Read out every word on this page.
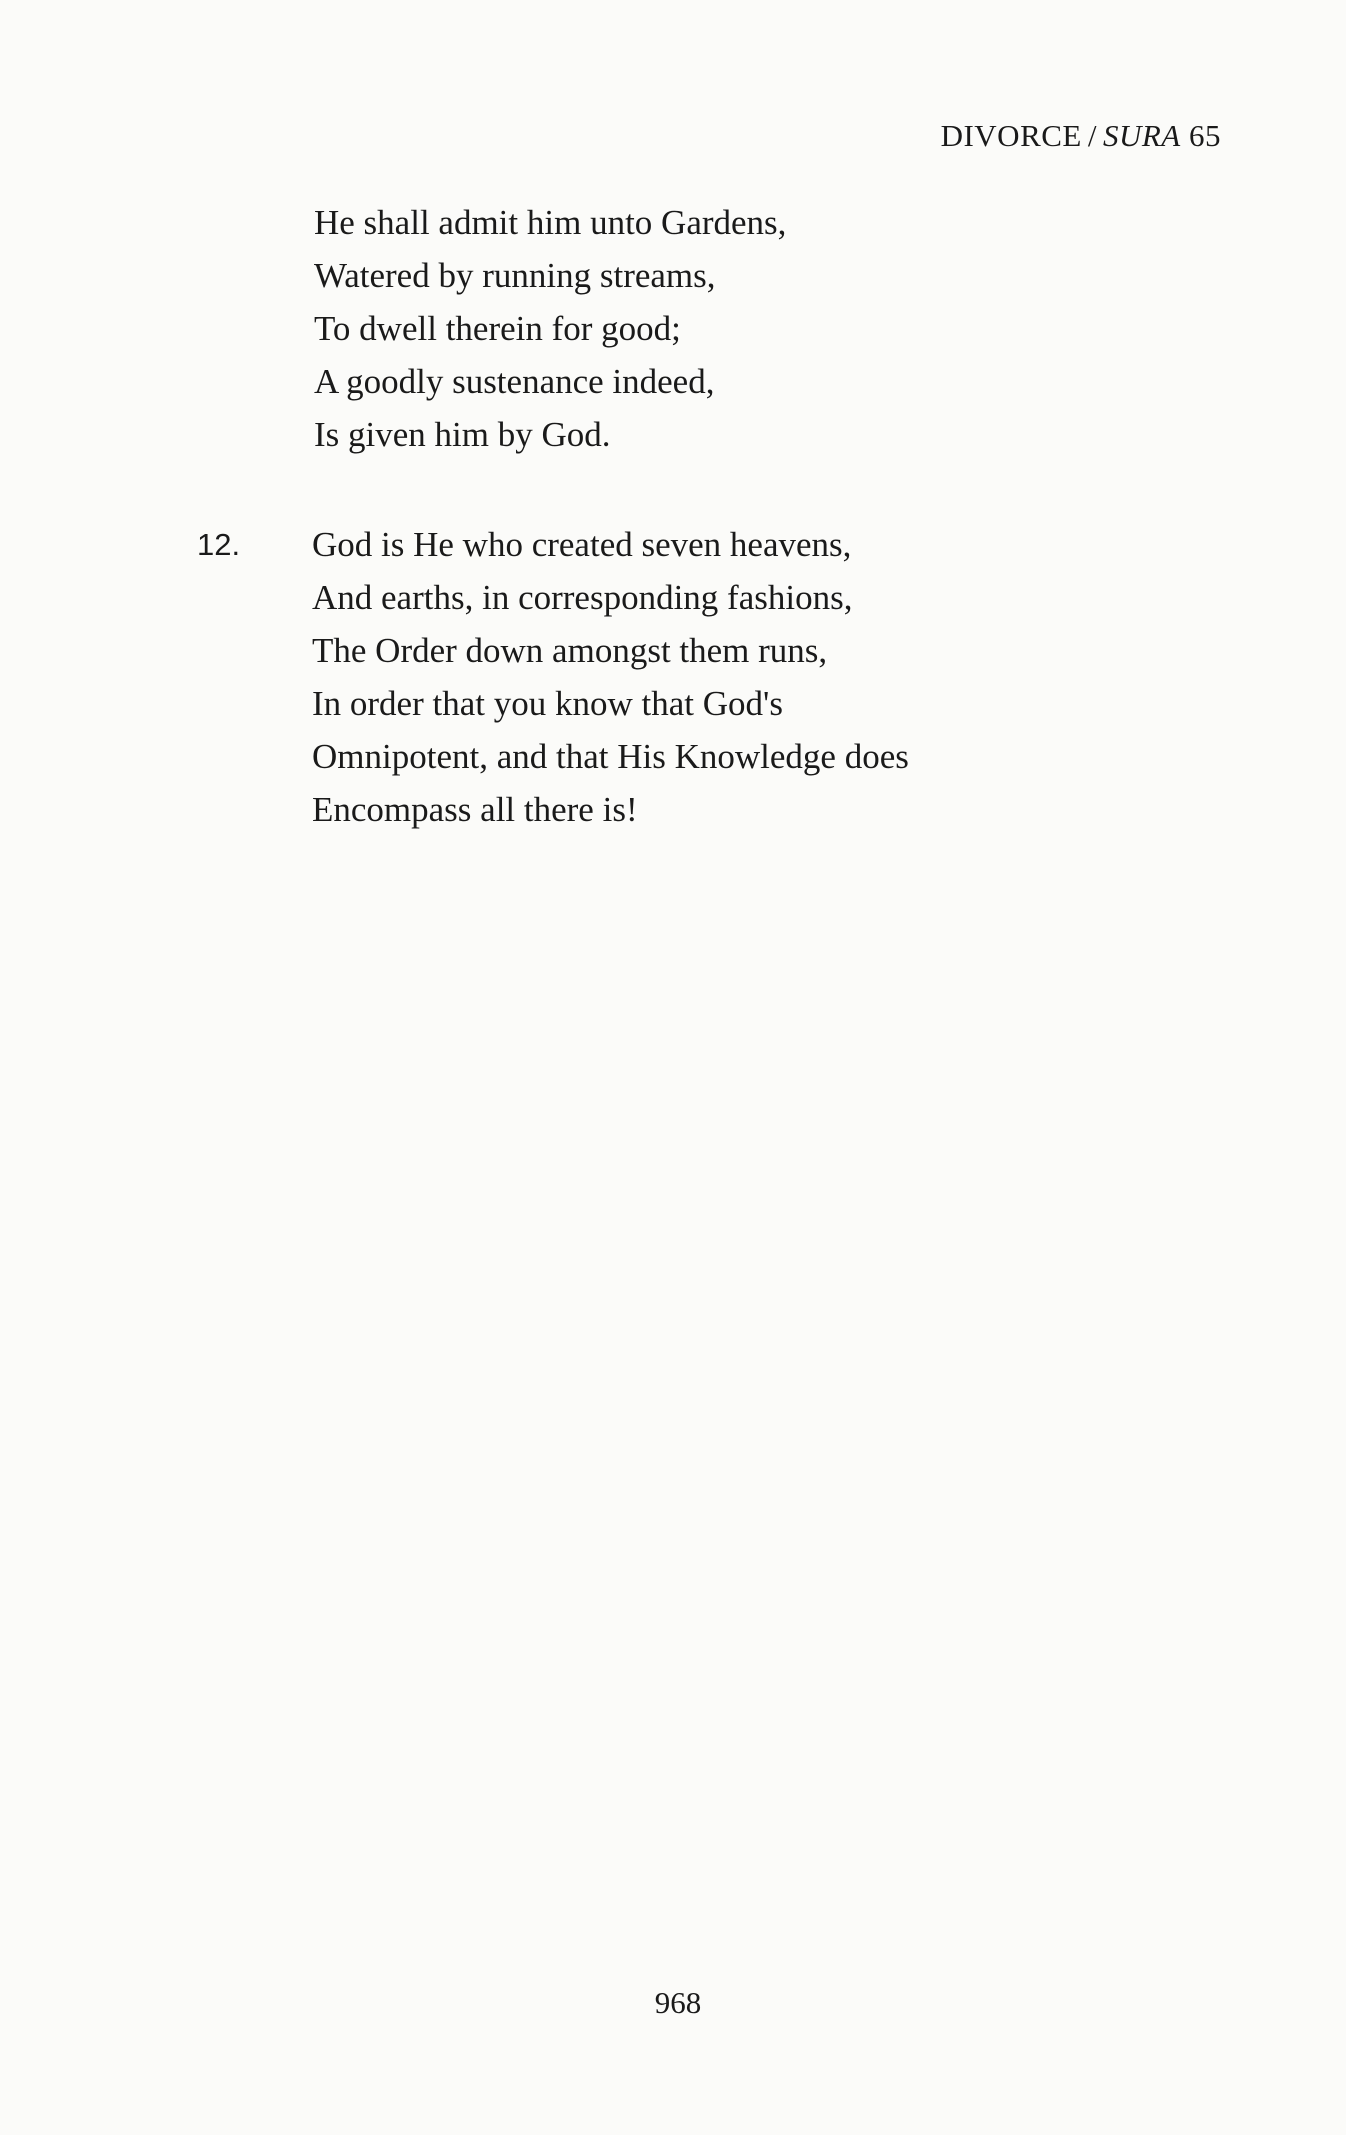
DIVORCE / SURA 65
He shall admit him unto Gardens,
Watered by running streams,
To dwell therein for good;
A goodly sustenance indeed,
Is given him by God.
12. God is He who created seven heavens,
And earths, in corresponding fashions,
The Order down amongst them runs,
In order that you know that God's
Omnipotent, and that His Knowledge does
Encompass all there is!
968
